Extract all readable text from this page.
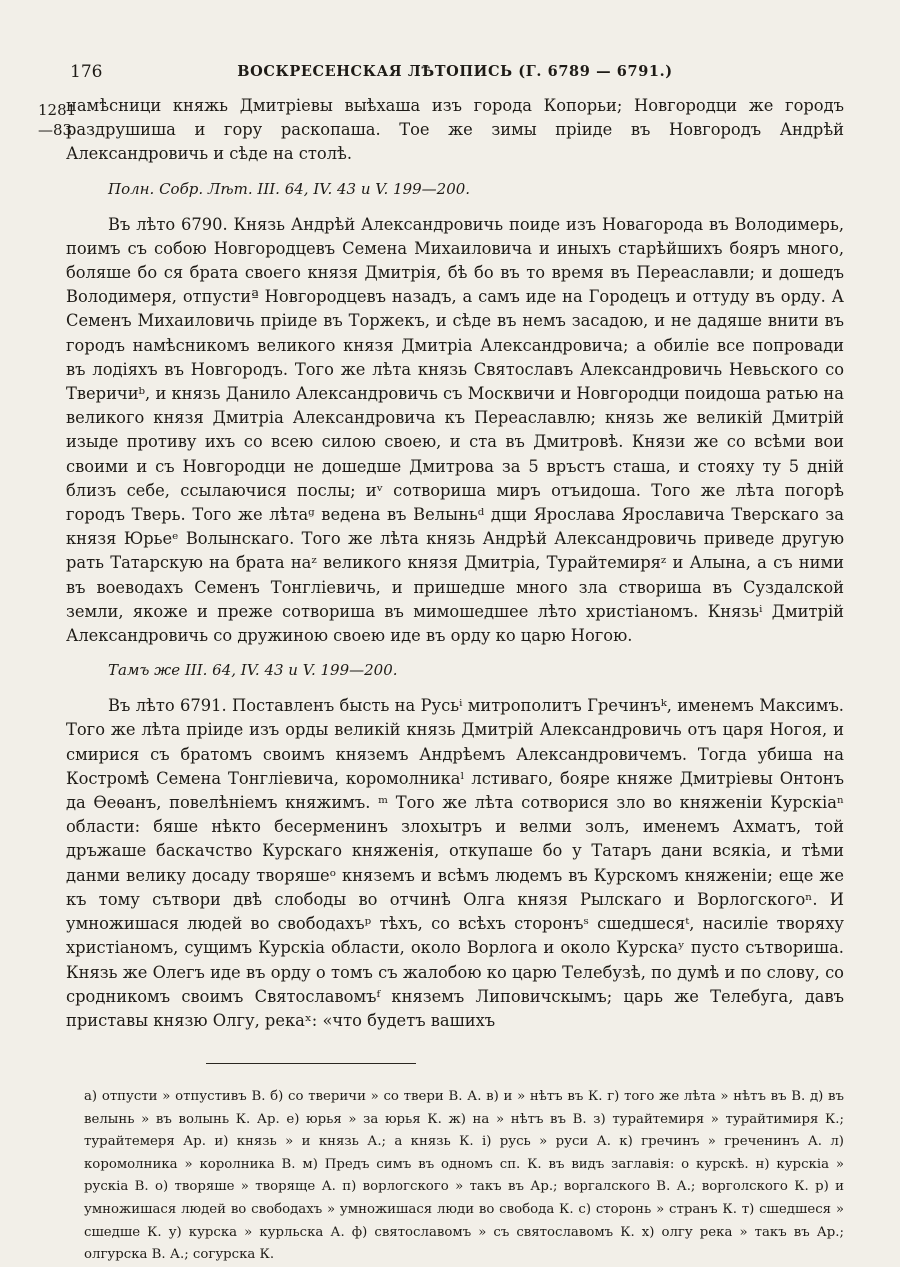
176	ВОСКРЕСЕНСКАЯ ЛѢТОПИСЬ (Г. 6789 — 6791.)
1281
—83

намѣсници княжь Дмитріевы выѣхаша изъ города Копорьи; Новгородци же городъ раздрушиша и гору раскопаша. Тое же зимы пріиде въ Новгородъ Андрѣй Александровичь и сѣде на столѣ.

Полн. Собр. Лѣт. III. 64, IV. 43 и V. 199—200.

Въ лѣто 6790. Князь Андрѣй Александровичь поиде изъ Новагорода въ Володимерь, поимъ съ собою Новгородцевъ Семена Михаиловича и иныхъ старѣйшихъ бояръ много, боляше бо ся брата своего князя Дмитрія, бѣ бо въ то время въ Переаславли; и дошедъ Володимеря, отпустиª Новгородцевъ назадъ, а самъ иде на Городецъ и оттуду въ орду. А Семенъ Михаиловичь пріиде въ Торжекъ, и сѣде въ немъ засадою, и не дадяше внити въ городъ намѣсникомъ великого князя Дмитріа Александровича; а обиліе все попровади въ лодіяхъ въ Новгородъ. Того же лѣта князь Святославъ Александровичь Невьского со Тверичиᵇ, и князь Данило Александровичь съ Москвичи и Новгородци поидоша ратью на великого князя Дмитріа Александровича къ Переаславлю; князь же великій Дмитрій изыде противу ихъ со всею силою своею, и ста въ Дмитровѣ. Князи же со всѣми вои своими и съ Новгородци не дошедше Дмитрова за 5 връстъ сташа, и стояху ту 5 дній близъ себе, ссылаючися послы; иᵛ сотвориша миръ отъидоша. Того же лѣта погорѣ городъ Тверь. Того же лѣтаᵍ ведена въ Велыньᵈ дщи Ярослава Ярославича Тверскаго за князя Юрьеᵉ Волынскаго. Того же лѣта князь Андрѣй Александровичь приведе другую рать Татарскую на брата наᶻ великого князя Дмитріа, Турайтемиряᶻ и Алына, а съ ними въ воеводахъ Семенъ Тонгліевичь, и пришедше много зла створиша въ Суздалской земли, якоже и преже сотвориша въ мимошедшее лѣто христіаномъ. Князьⁱ Дмитрій Александровичь со дружиною своею иде въ орду ко царю Ногою.

Тамъ же III. 64, IV. 43 и V. 199—200.

Въ лѣто 6791. Поставленъ бысть на Русьⁱ митрополитъ Гречинъᵏ, именемъ Максимъ. Того же лѣта пріиде изъ орды великій князь Дмитрій Александровичь отъ царя Ногоя, и смирися съ братомъ своимъ княземъ Андрѣемъ Александровичемъ. Тогда убиша на Костромѣ Семена Тонгліевича, коромолникаˡ лстиваго, бояре княже Дмитріевы Онтонъ да Ѳеѳанъ, повелѣніемъ княжимъ. ᵐ Того же лѣта сотворися зло во княженіи Курскіаⁿ области: бяше нѣкто бесерменинъ злохытръ и велми золъ, именемъ Ахматъ, той дръжаше баскачство Курскаго княженія, откупаше бо у Татаръ дани всякіа, и тѣми данми велику досаду творяшеᵒ княземъ и всѣмъ людемъ въ Курскомъ княженіи; еще же къ тому сътвори двѣ слободы во отчинѣ Олга князя Рылскаго и Ворлогскогоⁿ. И умножишася людей во свободахъᵖ тѣхъ, со всѣхъ сторонъˢ сшедшесяᵗ, насиліе творяху христіаномъ, сущимъ Курскіа области, около Ворлога и около Курскаʸ пусто сътвориша. Князь же Олегъ иде въ орду о томъ съ жалобою ко царю Телебузѣ, по думѣ и по слову, со сродникомъ своимъ Святославомъᶠ княземъ Липовичскымъ; царь же Телебуга, давъ приставы князю Олгу, рекаˣ: «что будетъ вашихъ

а) отпусти » отпустивъ В. б) со тверичи » со твери В. А. в) и » нѣтъ въ К. г) того же лѣта » нѣтъ въ В. д) въ велынь » въ волынь К. Ар. е) юрья » за юрья К. ж) на » нѣтъ въ В. з) турайтемиря » турайтимиря К.; турайтемеря Ар. и) князь » и князь А.; а князь К. і) русь » руси А. к) гречинъ » греченинъ А. л) коромолника » королника В. м) Предъ симъ въ одномъ сп. К. въ видъ заглавія: о курскѣ. н) курскіа » рускіа В. о) творяше » творяще А. п) ворлогского » такъ въ Ар.; воргалского В. А.; ворголского К. р) и умножишася людей во свободахъ » умножишася люди во свобода К. с) сторонь » странъ К. т) сшедшеся » сшедше К. у) курска » курльска А. ф) святославомъ » съ святославомъ К. х) олгу река » такъ въ Ар.; олгурска В. А.; согурска К.
